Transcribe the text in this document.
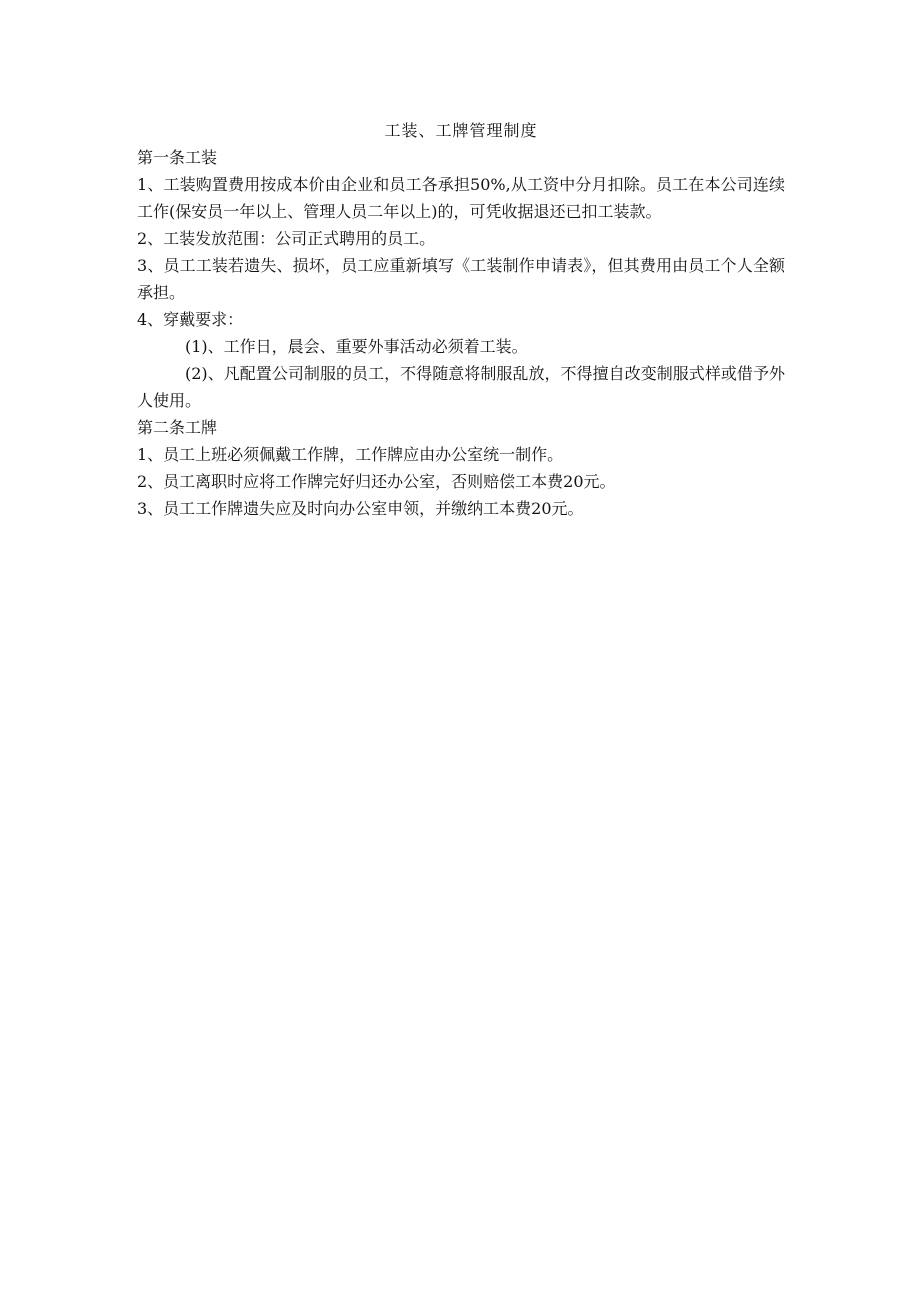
工装、工牌管理制度

第一条工装

1、工装购置费用按成本价由企业和员工各承担50%,从工资中分月扣除。员工在本公司连续工作(保安员一年以上、管理人员二年以上)的，可凭收据退还已扣工装款。

2、工装发放范围：公司正式聘用的员工。

3、员工工装若遗失、损坏，员工应重新填写《工装制作申请表》，但其费用由员工个人全额承担。

4、穿戴要求：

(1)、工作日，晨会、重要外事活动必须着工装。

(2)、凡配置公司制服的员工，不得随意将制服乱放，不得擅自改变制服式样或借予外人使用。

第二条工牌

1、员工上班必须佩戴工作牌，工作牌应由办公室统一制作。

2、员工离职时应将工作牌完好归还办公室，否则赔偿工本费20元。

3、员工工作牌遗失应及时向办公室申领，并缴纳工本费20元。
